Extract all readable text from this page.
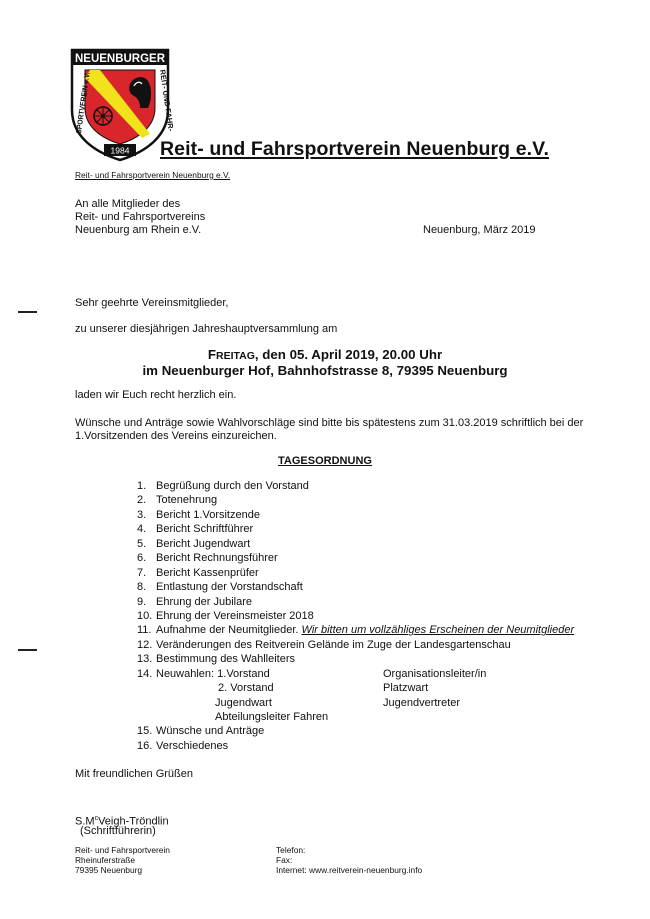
NEUENBURGER
SPORTVEREIN e.V.	REIT- UND FAHR-
1984 Reit- und Fahrsportverein Neuenburg e.V.
Reit- und Fahrsportverein Neuenburg e.V.
An alle Mitglieder des
Reit- und Fahrsportvereins
Neuenburg am Rhein e.V.	Neuenburg, März 2019
Sehr geehrte Vereinsmitglieder,
zu unserer diesjährigen Jahreshauptversammlung am
FREITAG, den 05. April 2019, 20.00 Uhr
im Neuenburger Hof, Bahnhofstrasse 8, 79395 Neuenburg
laden wir Euch recht herzlich ein.
Wünsche und Anträge sowie Wahlvorschläge sind bitte bis spätestens zum 31.03.2019 schriftlich bei der
1.Vorsitzenden des Vereins einzureichen.
TAGESORDNUNG
1. Begrüßung durch den Vorstand
2. Totenehrung
3. Bericht 1.Vorsitzende
4. Bericht Schriftführer
5. Bericht Jugendwart
6. Bericht Rechnungsführer
7. Bericht Kassenprüfer
8. Entlastung der Vorstandschaft
9. Ehrung der Jubilare
10. Ehrung der Vereinsmeister 2018
11. Aufnahme der Neumitglieder. Wir bitten um vollzähliges Erscheinen der Neumitglieder
12. Veränderungen des Reitverein Gelände im Zuge der Landesgartenschau
13. Bestimmung des Wahlleiters
14. Neuwahlen: 1.Vorstand	Organisationsleiter/in
2. Vorstand	Platzwart
Jugendwart	Jugendvertreter
Abteilungsleiter Fahren
15. Wünsche und Anträge
16. Verschiedenes
Mit freundlichen Grüßen
$S.M^cVeigh$-Tröndlin
(Schriftführerin)
Reit- und Fahrsportverein
Rheinuferstraße
79395 Neuenburg
Telefon:
Fax:
Internet: www.reitverein-neuenburg.info
